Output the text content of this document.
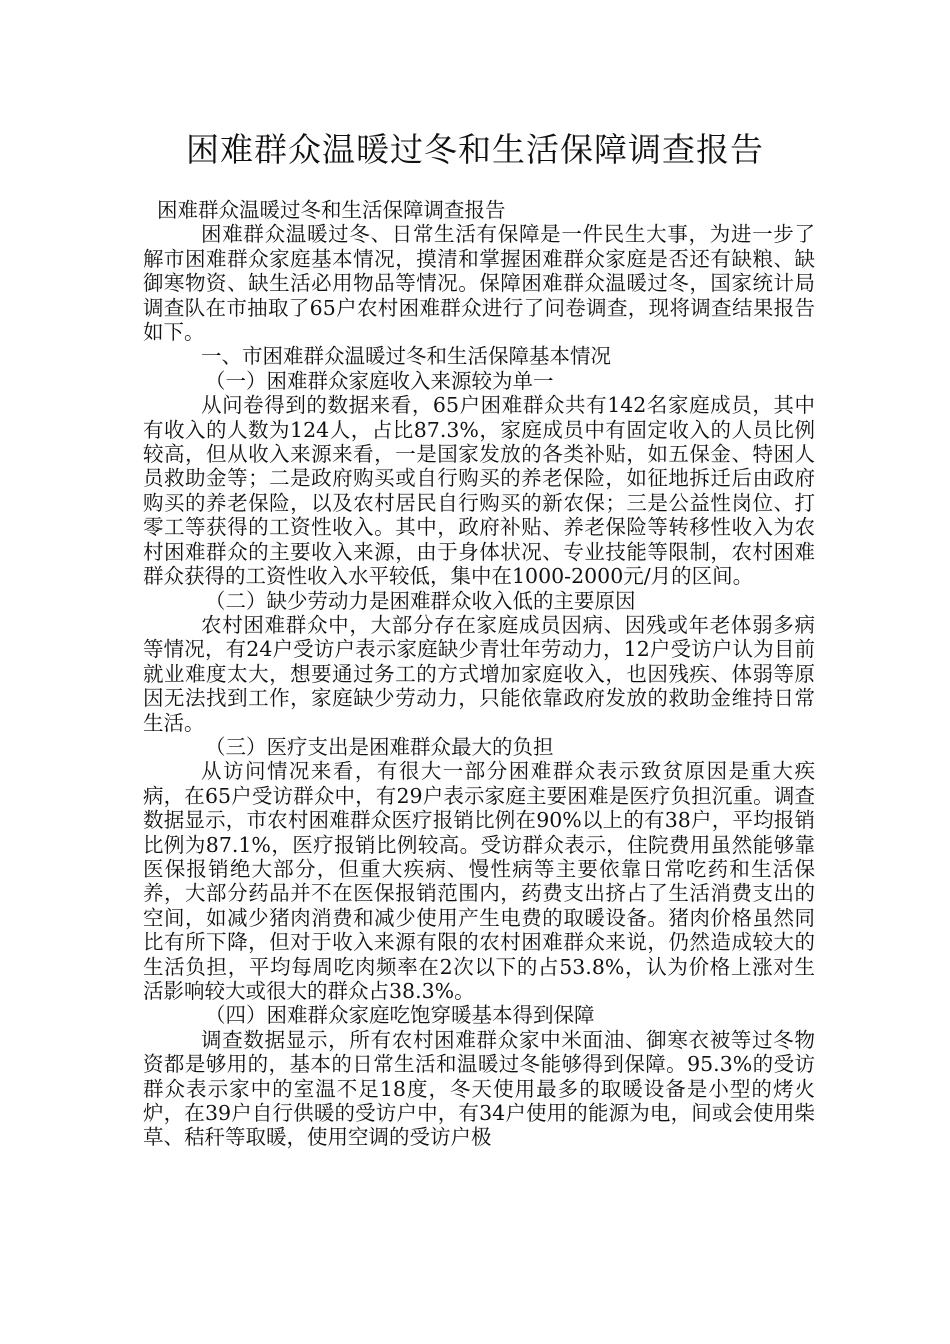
困难群众温暖过冬和生活保障调查报告

困难群众温暖过冬和生活保障调查报告

困难群众温暖过冬、日常生活有保障是一件民生大事，为进一步了解市困难群众家庭基本情况，摸清和掌握困难群众家庭是否还有缺粮、缺御寒物资、缺生活必用物品等情况。保障困难群众温暖过冬，国家统计局调查队在市抽取了65户农村困难群众进行了问卷调查，现将调查结果报告如下。

一、市困难群众温暖过冬和生活保障基本情况

（一）困难群众家庭收入来源较为单一

从问卷得到的数据来看，65户困难群众共有142名家庭成员，其中有收入的人数为124人，占比87.3%，家庭成员中有固定收入的人员比例较高，但从收入来源来看，一是国家发放的各类补贴，如五保金、特困人员救助金等；二是政府购买或自行购买的养老保险，如征地拆迁后由政府购买的养老保险，以及农村居民自行购买的新农保；三是公益性岗位、打零工等获得的工资性收入。其中，政府补贴、养老保险等转移性收入为农村困难群众的主要收入来源，由于身体状况、专业技能等限制，农村困难群众获得的工资性收入水平较低，集中在1000-2000元/月的区间。

（二）缺少劳动力是困难群众收入低的主要原因

农村困难群众中，大部分存在家庭成员因病、因残或年老体弱多病等情况，有24户受访户表示家庭缺少青壮年劳动力，12户受访户认为目前就业难度太大，想要通过务工的方式增加家庭收入，也因残疾、体弱等原因无法找到工作，家庭缺少劳动力，只能依靠政府发放的救助金维持日常生活。

（三）医疗支出是困难群众最大的负担

从访问情况来看，有很大一部分困难群众表示致贫原因是重大疾病，在65户受访群众中，有29户表示家庭主要困难是医疗负担沉重。调查数据显示，市农村困难群众医疗报销比例在90%以上的有38户，平均报销比例为87.1%，医疗报销比例较高。受访群众表示，住院费用虽然能够靠医保报销绝大部分，但重大疾病、慢性病等主要依靠日常吃药和生活保养，大部分药品并不在医保报销范围内，药费支出挤占了生活消费支出的空间，如减少猪肉消费和减少使用产生电费的取暖设备。猪肉价格虽然同比有所下降，但对于收入来源有限的农村困难群众来说，仍然造成较大的生活负担，平均每周吃肉频率在2次以下的占53.8%，认为价格上涨对生活影响较大或很大的群众占38.3%。

（四）困难群众家庭吃饱穿暖基本得到保障

调查数据显示，所有农村困难群众家中米面油、御寒衣被等过冬物资都是够用的，基本的日常生活和温暖过冬能够得到保障。95.3%的受访群众表示家中的室温不足18度，冬天使用最多的取暖设备是小型的烤火炉，在39户自行供暖的受访户中，有34户使用的能源为电，间或会使用柴草、秸秆等取暖，使用空调的受访户极
